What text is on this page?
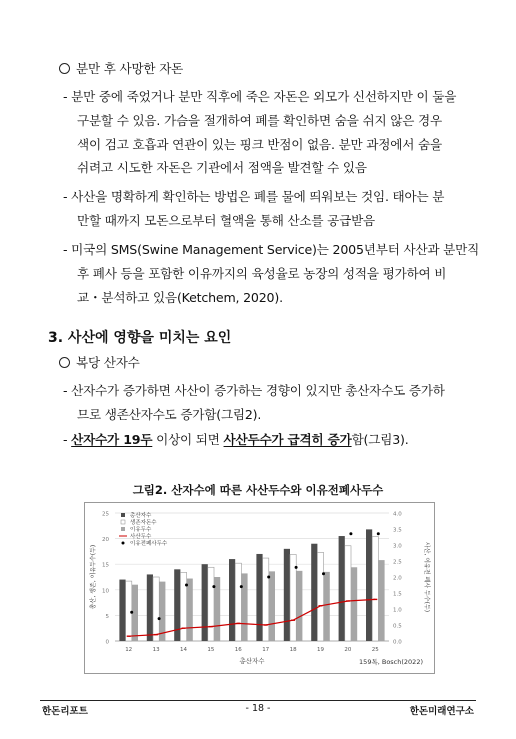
분만 후 사망한 자돈
- 분만 중에 죽었거나 분만 직후에 죽은 자돈은 외모가 신선하지만 이 둘을
구분할 수 있음. 가슴을 절개하여 폐를 확인하면 숨을 쉬지 않은 경우
색이 검고 호흡과 연관이 있는 핑크 반점이 없음. 분만 과정에서 숨을
쉬려고 시도한 자돈은 기관에서 점액을 발견할 수 있음
- 사산을 명확하게 확인하는 방법은 폐를 물에 띄워보는 것임. 태아는 분
만할 때까지 모돈으로부터 혈액을 통해 산소를 공급받음
- 미국의 SMS(Swine Management Service)는 2005년부터 사산과 분만직
후 폐사 등을 포함한 이유까지의 육성율로 농장의 성적을 평가하여 비
교・분석하고 있음(Ketchem, 2020).
3. 사산에 영향을 미치는 요인
복당 산자수
- 산자수가 증가하면 사산이 증가하는 경향이 있지만 총산자수도 증가하
므로 생존산자수도 증가함(그림2).
- 산자수가 19두 이상이 되면 사산두수가 급격히 증가함(그림3).
그림2. 산자수에 따른 사산두수와 이유전폐사두수
0
5
10
15
20
25
0.0
0.5
1.0
1.5
2.0
2.5
3.0
3.5
4.0
12	13	14	15	16	17	18	19	20	25
총산자수
생존자돈수
이유두수
사산두수
이유전폐사두수
총산자수
총산, 생존, 이유두수(두)	사산, 이유전 폐사 두수(두)
159톡, Bosch(2022)
한돈리포트	- 18 -	한돈미래연구소
